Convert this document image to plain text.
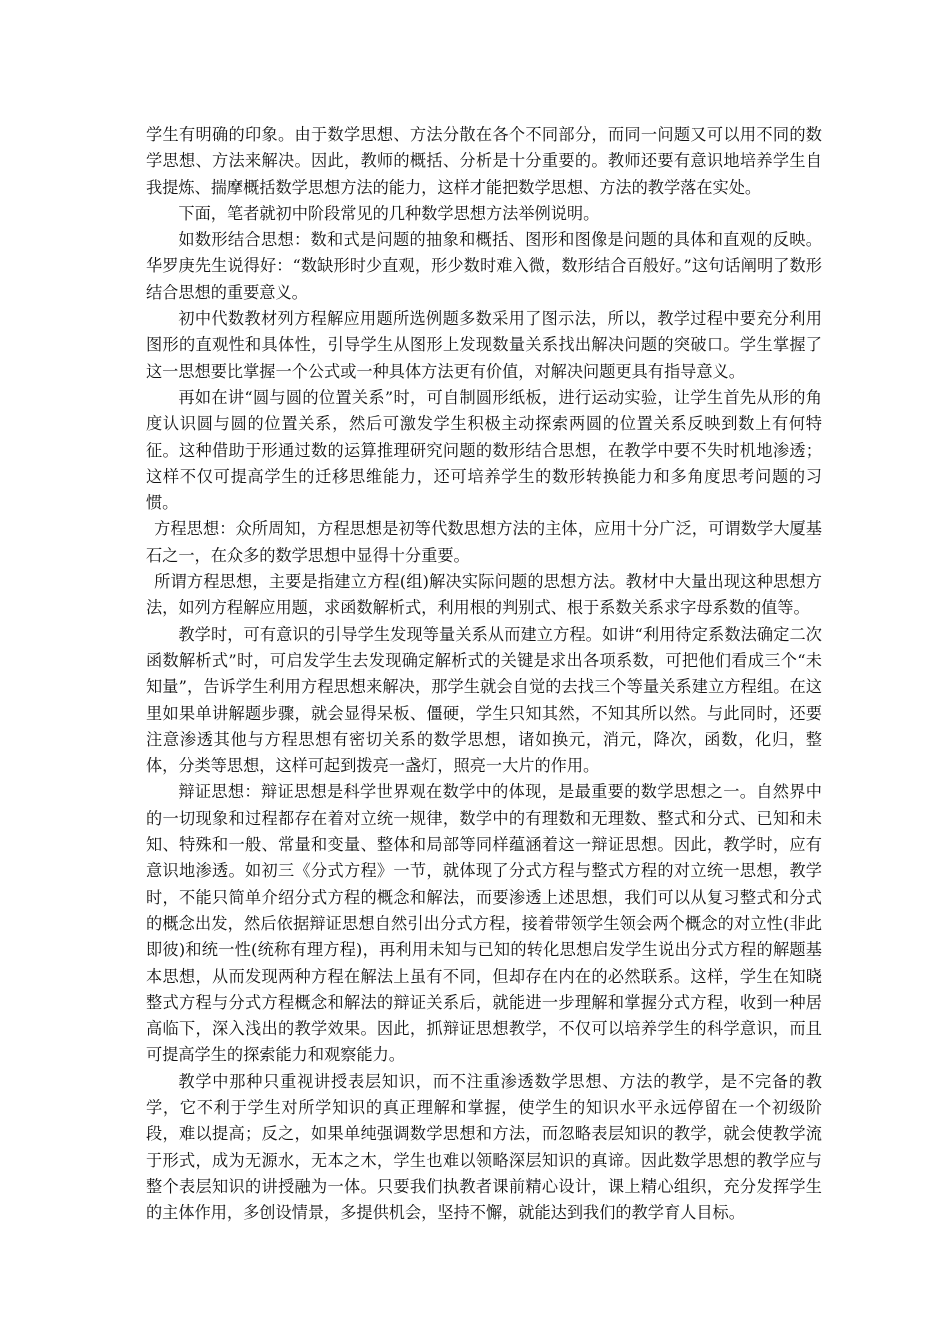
学生有明确的印象。由于数学思想、方法分散在各个不同部分，而同一问题又可以用不同的数学思想、方法来解决。因此，教师的概括、分析是十分重要的。教师还要有意识地培养学生自我提炼、揣摩概括数学思想方法的能力，这样才能把数学思想、方法的教学落在实处。

下面，笔者就初中阶段常见的几种数学思想方法举例说明。

如数形结合思想：数和式是问题的抽象和概括、图形和图像是问题的具体和直观的反映。华罗庚先生说得好：“数缺形时少直观，形少数时难入微，数形结合百般好。”这句话阐明了数形结合思想的重要意义。

初中代数教材列方程解应用题所选例题多数采用了图示法，所以，教学过程中要充分利用图形的直观性和具体性，引导学生从图形上发现数量关系找出解决问题的突破口。学生掌握了这一思想要比掌握一个公式或一种具体方法更有价值，对解决问题更具有指导意义。

再如在讲“圆与圆的位置关系”时，可自制圆形纸板，进行运动实验，让学生首先从形的角度认识圆与圆的位置关系，然后可激发学生积极主动探索两圆的位置关系反映到数上有何特征。这种借助于形通过数的运算推理研究问题的数形结合思想，在教学中要不失时机地渗透；这样不仅可提高学生的迁移思维能力，还可培养学生的数形转换能力和多角度思考问题的习惯。

方程思想：众所周知，方程思想是初等代数思想方法的主体，应用十分广泛，可谓数学大厦基石之一，在众多的数学思想中显得十分重要。

所谓方程思想，主要是指建立方程(组)解决实际问题的思想方法。教材中大量出现这种思想方法，如列方程解应用题，求函数解析式，利用根的判别式、根于系数关系求字母系数的值等。

教学时，可有意识的引导学生发现等量关系从而建立方程。如讲“利用待定系数法确定二次函数解析式”时，可启发学生去发现确定解析式的关键是求出各项系数，可把他们看成三个“未知量”，告诉学生利用方程思想来解决，那学生就会自觉的去找三个等量关系建立方程组。在这里如果单讲解题步骤，就会显得呆板、僵硬，学生只知其然，不知其所以然。与此同时，还要注意渗透其他与方程思想有密切关系的数学思想，诸如换元，消元，降次，函数，化归，整体，分类等思想，这样可起到拨亮一盏灯，照亮一大片的作用。

辩证思想：辩证思想是科学世界观在数学中的体现，是最重要的数学思想之一。自然界中的一切现象和过程都存在着对立统一规律，数学中的有理数和无理数、整式和分式、已知和未知、特殊和一般、常量和变量、整体和局部等同样蕴涵着这一辩证思想。因此，教学时，应有意识地渗透。如初三《分式方程》一节，就体现了分式方程与整式方程的对立统一思想，教学时，不能只简单介绍分式方程的概念和解法，而要渗透上述思想，我们可以从复习整式和分式的概念出发，然后依据辩证思想自然引出分式方程，接着带领学生领会两个概念的对立性(非此即彼)和统一性(统称有理方程)，再利用未知与已知的转化思想启发学生说出分式方程的解题基本思想，从而发现两种方程在解法上虽有不同，但却存在内在的必然联系。这样，学生在知晓整式方程与分式方程概念和解法的辩证关系后，就能进一步理解和掌握分式方程，收到一种居高临下，深入浅出的教学效果。因此，抓辩证思想教学，不仅可以培养学生的科学意识，而且可提高学生的探索能力和观察能力。

教学中那种只重视讲授表层知识，而不注重渗透数学思想、方法的教学，是不完备的教学，它不利于学生对所学知识的真正理解和掌握，使学生的知识水平永远停留在一个初级阶段，难以提高；反之，如果单纯强调数学思想和方法，而忽略表层知识的教学，就会使教学流于形式，成为无源水，无本之木，学生也难以领略深层知识的真谛。因此数学思想的教学应与整个表层知识的讲授融为一体。只要我们执教者课前精心设计，课上精心组织，充分发挥学生的主体作用，多创设情景，多提供机会，坚持不懈，就能达到我们的教学育人目标。
